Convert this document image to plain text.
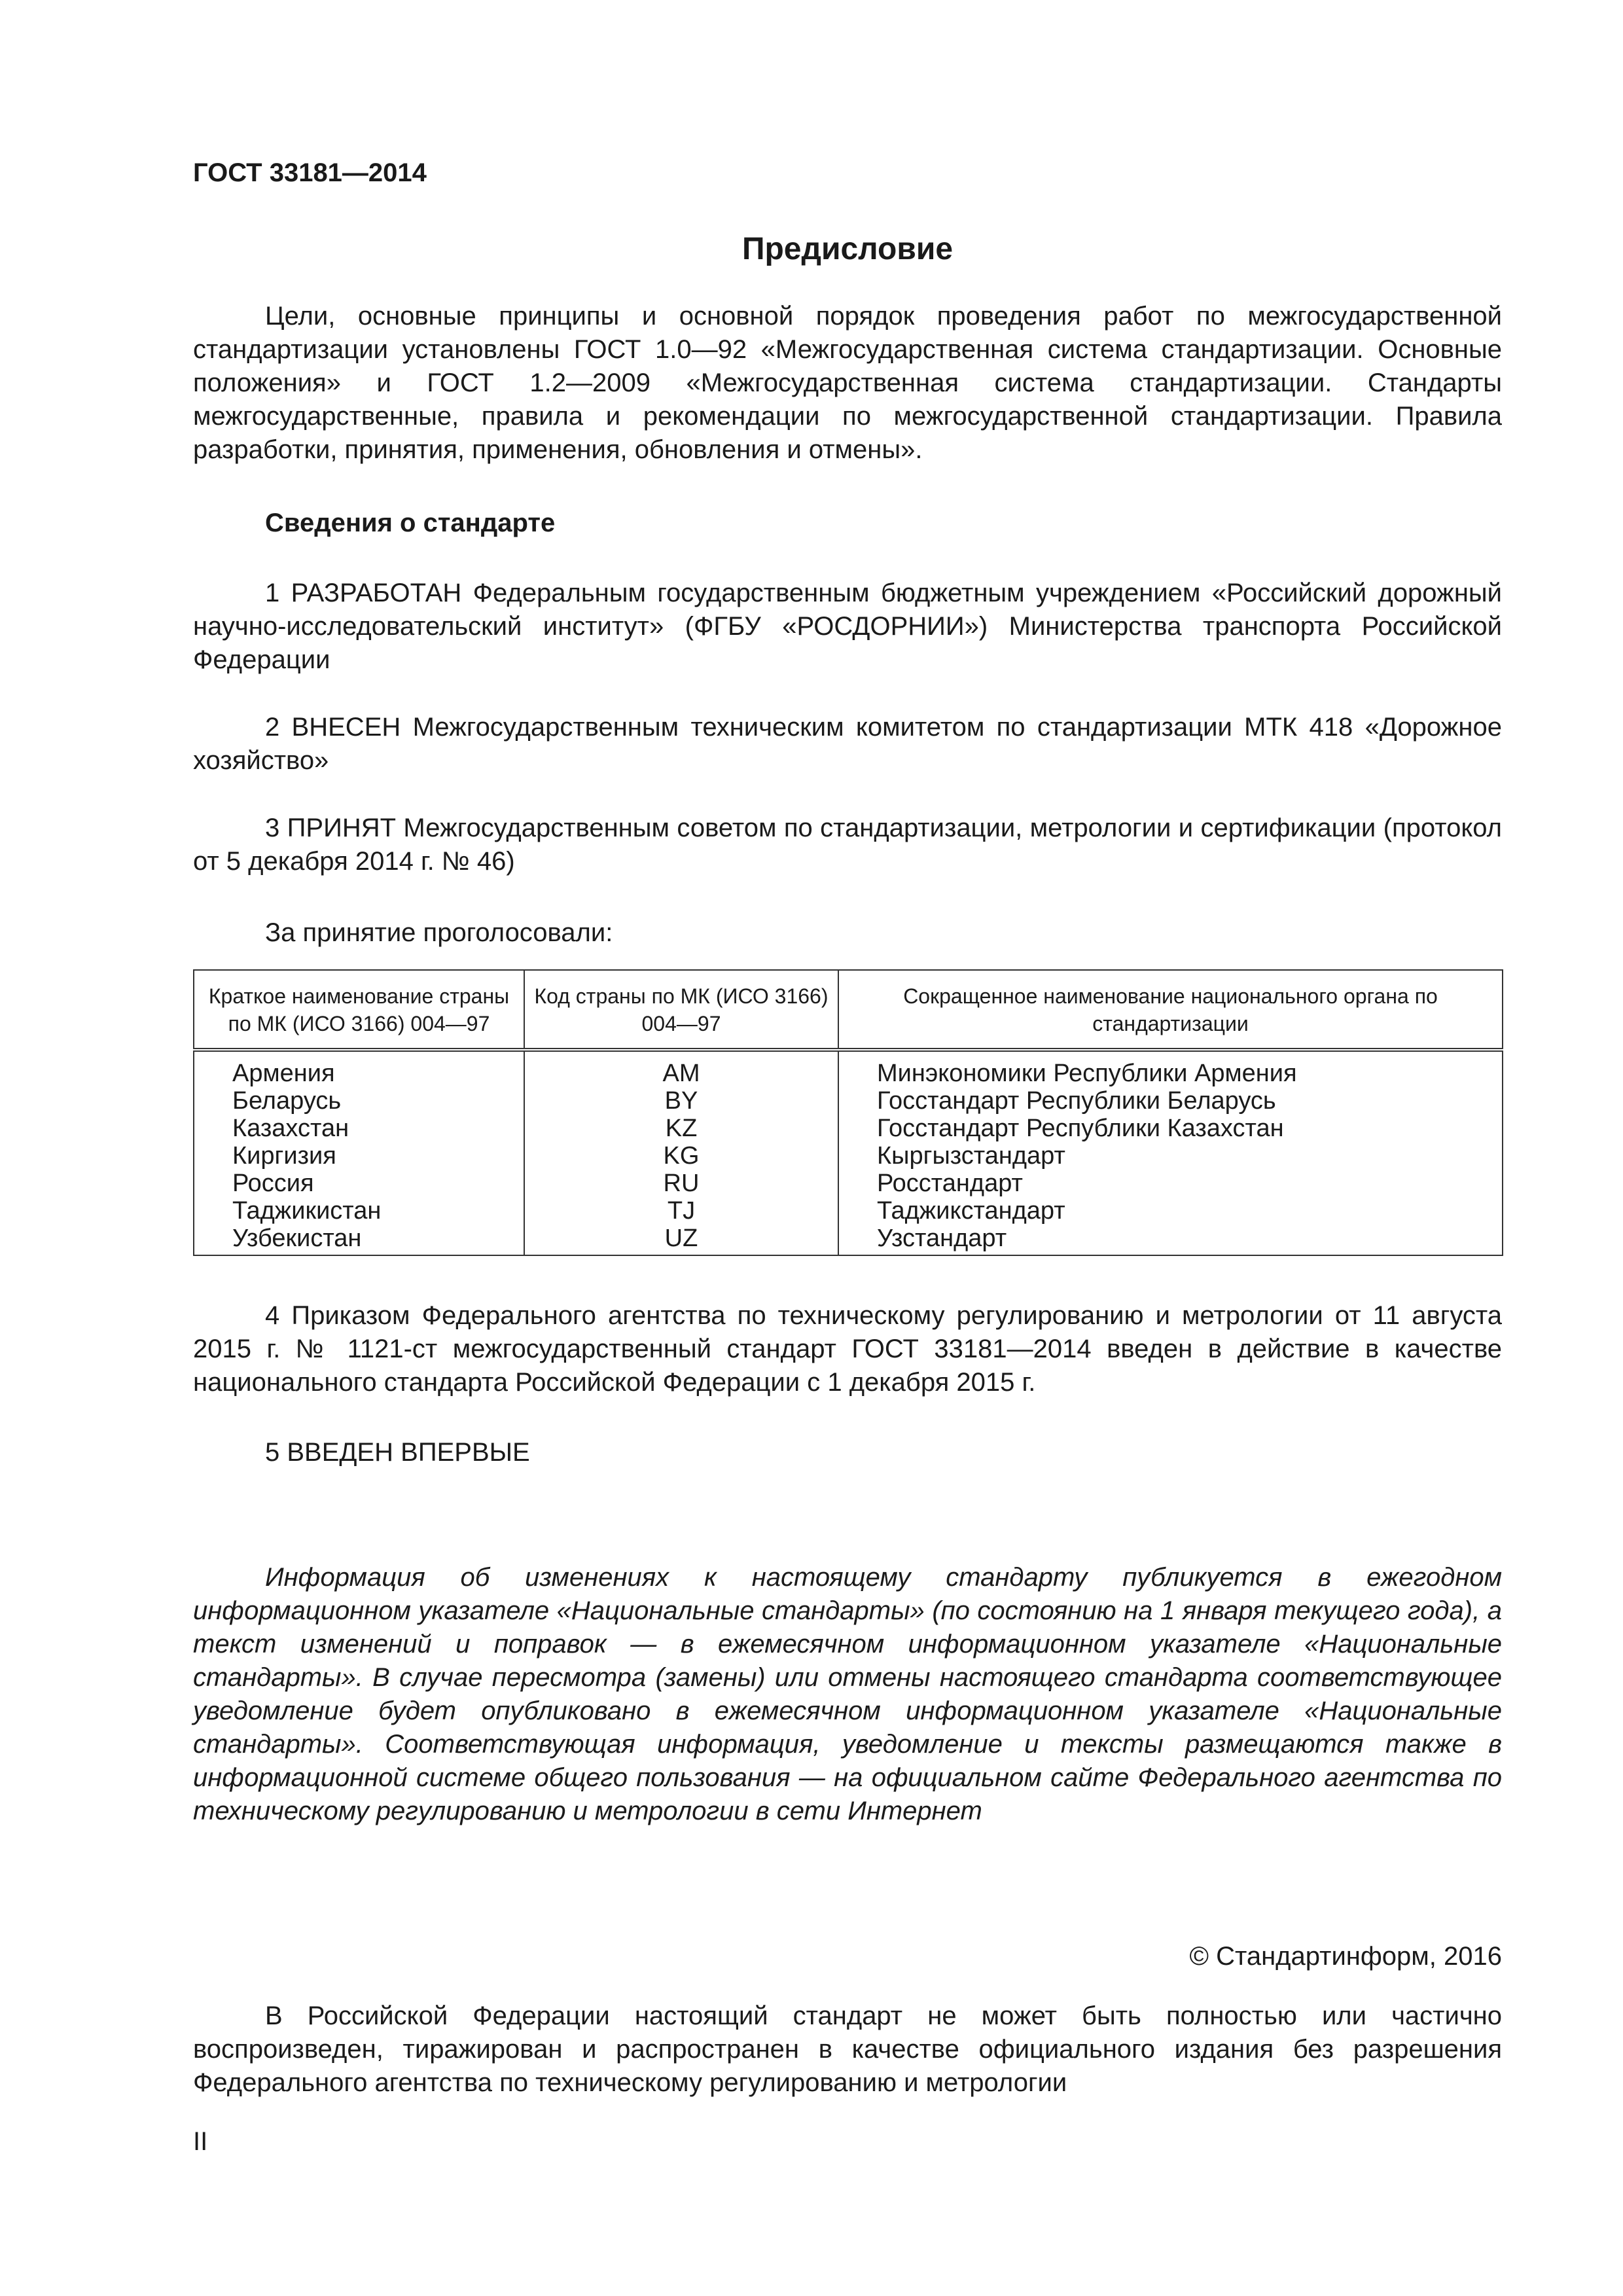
ГОСТ 33181—2014
Предисловие

Цели, основные принципы и основной порядок проведения работ по межгосударственной стандартизации установлены ГОСТ 1.0—92 «Межгосударственная система стандартизации. Основные положения» и ГОСТ 1.2—2009 «Межгосударственная система стандартизации. Стандарты межгосударственные, правила и рекомендации по межгосударственной стандартизации. Правила разработки, принятия, применения, обновления и отмены».

Сведения о стандарте

1 РАЗРАБОТАН Федеральным государственным бюджетным учреждением «Российский дорожный научно-исследовательский институт» (ФГБУ «РОСДОРНИИ») Министерства транспорта Российской Федерации

2 ВНЕСЕН Межгосударственным техническим комитетом по стандартизации МТК 418 «Дорожное хозяйство»

3 ПРИНЯТ Межгосударственным советом по стандартизации, метрологии и сертификации (протокол от 5 декабря 2014 г. № 46)

За принятие проголосовали:

Краткое наименование страны по МК (ИСО 3166) 004—97	Код страны по МК (ИСО 3166) 004—97	Сокращенное наименование национального органа по стандартизации
Армения	AM	Минэкономики Республики Армения
Беларусь	BY	Госстандарт Республики Беларусь
Казахстан	KZ	Госстандарт Республики Казахстан
Киргизия	KG	Кыргызстандарт
Россия	RU	Росстандарт
Таджикистан	TJ	Таджикстандарт
Узбекистан	UZ	Узстандарт

4 Приказом Федерального агентства по техническому регулированию и метрологии от 11 августа 2015 г. № 1121-ст межгосударственный стандарт ГОСТ 33181—2014 введен в действие в качестве национального стандарта Российской Федерации с 1 декабря 2015 г.

5 ВВЕДЕН ВПЕРВЫЕ

Информация об изменениях к настоящему стандарту публикуется в ежегодном информационном указателе «Национальные стандарты» (по состоянию на 1 января текущего года), а текст изменений и поправок — в ежемесячном информационном указателе «Национальные стандарты». В случае пересмотра (замены) или отмены настоящего стандарта соответствующее уведомление будет опубликовано в ежемесячном информационном указателе «Национальные стандарты». Соответствующая информация, уведомление и тексты размещаются также в информационной системе общего пользования — на официальном сайте Федерального агентства по техническому регулированию и метрологии в сети Интернет

© Стандартинформ, 2016

В Российской Федерации настоящий стандарт не может быть полностью или частично воспроизведен, тиражирован и распространен в качестве официального издания без разрешения Федерального агентства по техническому регулированию и метрологии

II
